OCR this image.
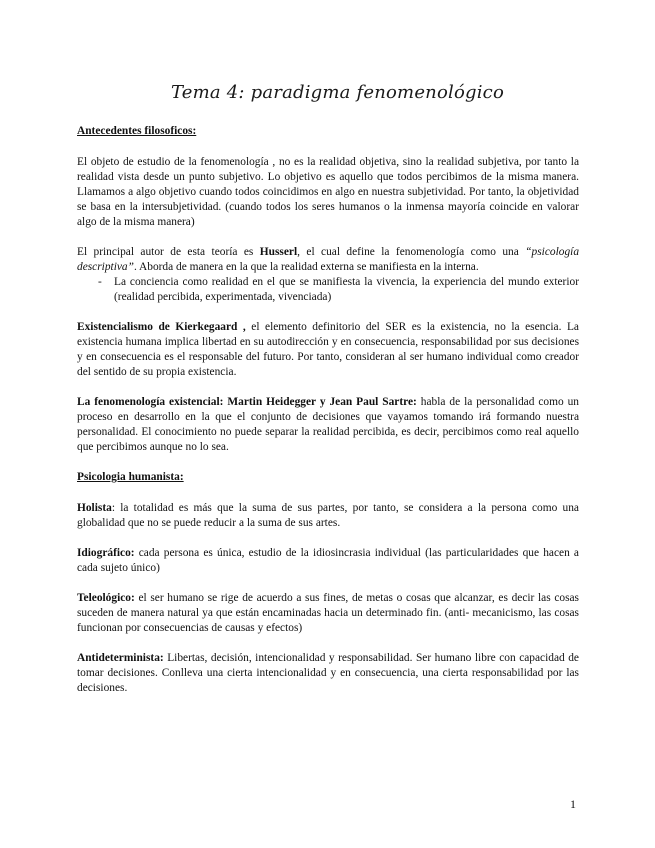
Tema 4: paradigma fenomenológico
Antecedentes filosoficos:

El objeto de estudio de la fenomenología , no es la realidad objetiva, sino la realidad subjetiva, por tanto la realidad vista desde un punto subjetivo. Lo objetivo es aquello que todos percibimos de la misma manera. Llamamos a algo objetivo cuando todos coincidimos en algo en nuestra subjetividad. Por tanto, la objetividad se basa en la intersubjetividad. (cuando todos los seres humanos o la inmensa mayoría coincide en valorar algo de la misma manera)

El principal autor de esta teoría es Husserl, el cual define la fenomenología como una “psicología descriptiva”. Aborda de manera en la que la realidad externa se manifiesta en la interna.

- La conciencia como realidad en el que se manifiesta la vivencia, la experiencia del mundo exterior (realidad percibida, experimentada, vivenciada)

Existencialismo de Kierkegaard , el elemento definitorio del SER es la existencia, no la esencia. La existencia humana implica libertad en su autodirección y en consecuencia, responsabilidad por sus decisiones y en consecuencia es el responsable del futuro. Por tanto, consideran al ser humano individual como creador del sentido de su propia existencia.

La fenomenología existencial: Martin Heidegger y Jean Paul Sartre: habla de la personalidad como un proceso en desarrollo en la que el conjunto de decisiones que vayamos tomando irá formando nuestra personalidad. El conocimiento no puede separar la realidad percibida, es decir, percibimos como real aquello que percibimos aunque no lo sea.

Psicologia humanista:

Holista: la totalidad es más que la suma de sus partes, por tanto, se considera a la persona como una globalidad que no se puede reducir a la suma de sus artes.

Idiográfico: cada persona es única, estudio de la idiosincrasia individual (las particularidades que hacen a cada sujeto único)

Teleológico: el ser humano se rige de acuerdo a sus fines, de metas o cosas que alcanzar, es decir las cosas suceden de manera natural ya que están encaminadas hacia un determinado fin. (anti- mecanicismo, las cosas funcionan por consecuencias de causas y efectos)

Antideterminista: Libertas, decisión, intencionalidad y responsabilidad. Ser humano libre con capacidad de tomar decisiones. Conlleva una cierta intencionalidad y en consecuencia, una cierta responsabilidad por las decisiones.

1
